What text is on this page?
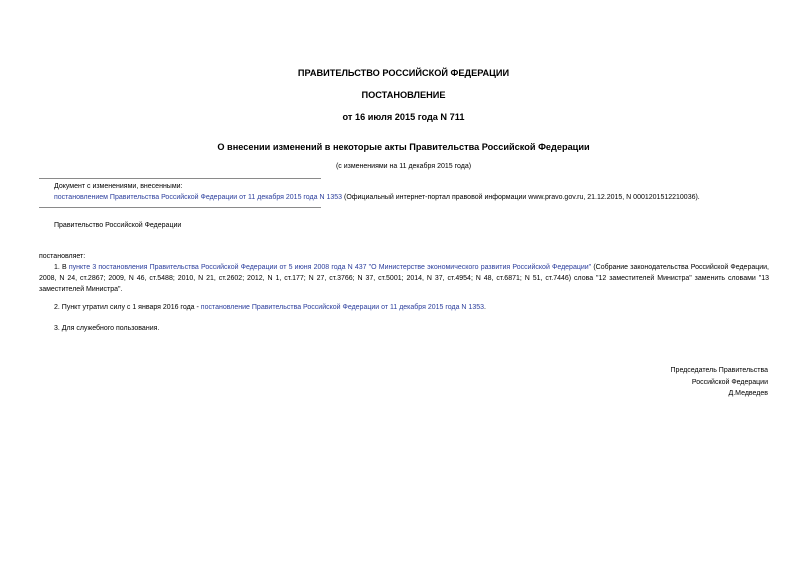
ПРАВИТЕЛЬСТВО РОССИЙСКОЙ ФЕДЕРАЦИИ
ПОСТАНОВЛЕНИЕ
от 16 июля 2015 года N 711
О внесении изменений в некоторые акты Правительства Российской Федерации
(с изменениями на 11 декабря 2015 года)
Документ с изменениями, внесенными:
постановлением Правительства Российской Федерации от 11 декабря 2015 года N 1353 (Официальный интернет-портал правовой информации www.pravo.gov.ru, 21.12.2015, N 0001201512210036).
Правительство Российской Федерации
постановляет:
1. В пункте 3 постановления Правительства Российской Федерации от 5 июня 2008 года N 437 "О Министерстве экономического развития Российской Федерации" (Собрание законодательства Российской Федерации, 2008, N 24, ст.2867; 2009, N 46, ст.5488; 2010, N 21, ст.2602; 2012, N 1, ст.177; N 27, ст.3766; N 37, ст.5001; 2014, N 37, ст.4954; N 48, ст.6871; N 51, ст.7446) слова "12 заместителей Министра" заменить словами "13 заместителей Министра".
2. Пункт утратил силу с 1 января 2016 года - постановление Правительства Российской Федерации от 11 декабря 2015 года N 1353.
3. Для служебного пользования.
Председатель Правительства
Российской Федерации
Д.Медведев
